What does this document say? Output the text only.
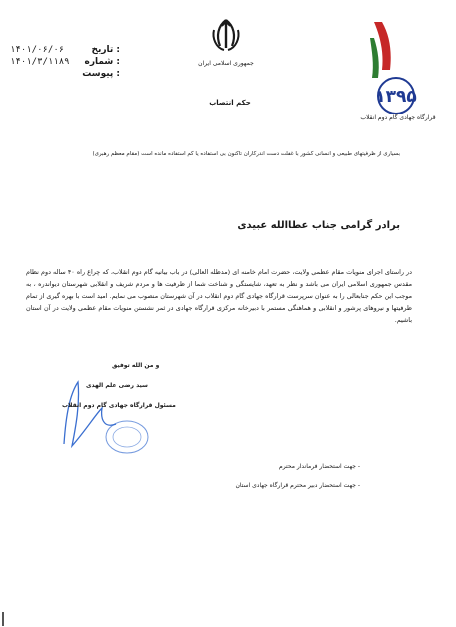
تاریخ :
۱۴۰۱/۰۶/۰۶
شماره :
۱۴۰۱/۳/۱۱۸۹
پیوست :
جمهوری اسلامی ایران
۱۳۹۵
قرارگاه جهادی گام دوم انقلاب
حکم انتصاب
بسیاری از ظرفیتهای طبیعی و انسانی کشور با غفلت دست اندرکاران تاکنون بی استفاده یا کم استفاده مانده است (مقام معظم رهبری)
برادر گرامی جناب عطاالله عبیدی
در راستای اجرای منویات مقام عظمی ولایت، حضرت امام خامنه ای (مدظله العالی) در باب بیانیه گام دوم انقلاب، که چراغ راه ۴۰ ساله دوم نظام مقدس جمهوری اسلامی ایران می باشد و نظر به تعهد، شایستگی و شناخت شما از ظرفیت ها و مردم شریف و انقلابی شهرستان دیواندره ، به موجب این حکم جنابعالی را به عنوان سرپرست قرارگاه جهادی گام دوم انقلاب در آن شهرستان منصوب می نمایم. امید است با بهره گیری از تمام ظرفیتها و نیروهای پرشور و انقلابی و هماهنگی مستمر با دبیرخانه مرکزی قرارگاه جهادی در ثمر نشستن منویات مقام عظمی ولایت در آن استان باشیم.
و من الله توفیق
سید رضی علم الهدی
مسئول قرارگاه جهادی گام دوم انقلاب
- جهت استحضار فرماندار محترم
- جهت استحضار دبیر محترم قرارگاه جهادی استان
